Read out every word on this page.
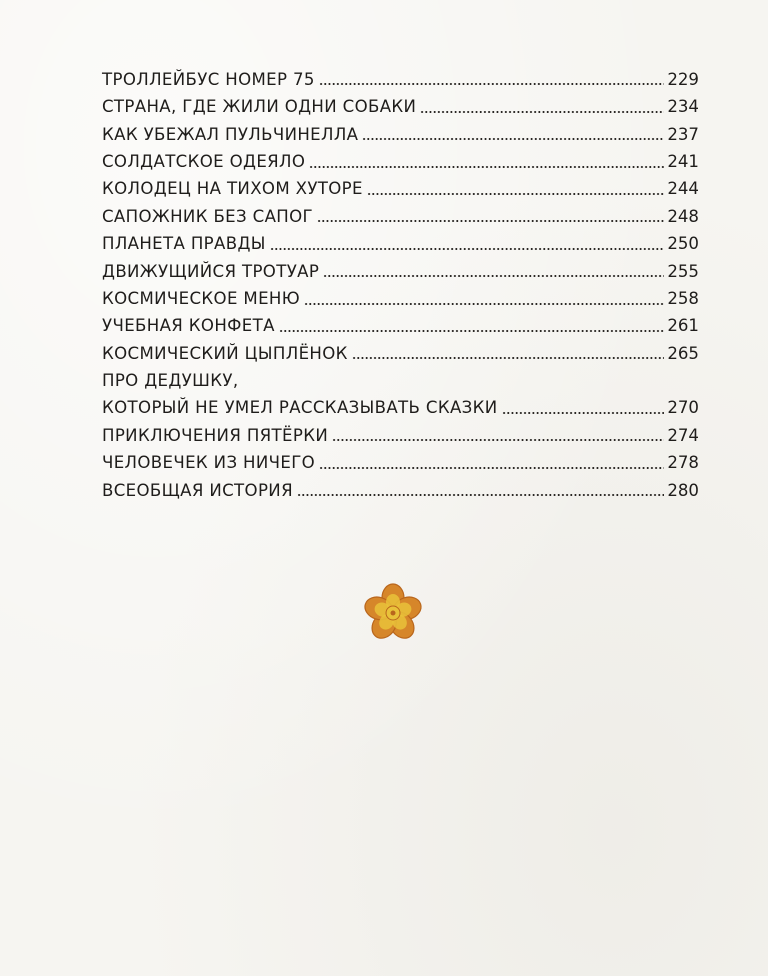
ТРОЛЛЕЙБУС НОМЕР 75	229
СТРАНА, ГДЕ ЖИЛИ ОДНИ СОБАКИ	234
КАК УБЕЖАЛ ПУЛЬЧИНЕЛЛА	237
СОЛДАТСКОЕ ОДЕЯЛО	241
КОЛОДЕЦ НА ТИХОМ ХУТОРЕ	244
САПОЖНИК БЕЗ САПОГ	248
ПЛАНЕТА ПРАВДЫ	250
ДВИЖУЩИЙСЯ ТРОТУАР	255
КОСМИЧЕСКОЕ МЕНЮ	258
УЧЕБНАЯ КОНФЕТА	261
КОСМИЧЕСКИЙ ЦЫПЛЁНОК	265
ПРО ДЕДУШКУ,
КОТОРЫЙ НЕ УМЕЛ РАССКАЗЫВАТЬ СКАЗКИ	270
ПРИКЛЮЧЕНИЯ ПЯТЁРКИ	274
ЧЕЛОВЕЧЕК ИЗ НИЧЕГО	278
ВСЕОБЩАЯ ИСТОРИЯ	280
